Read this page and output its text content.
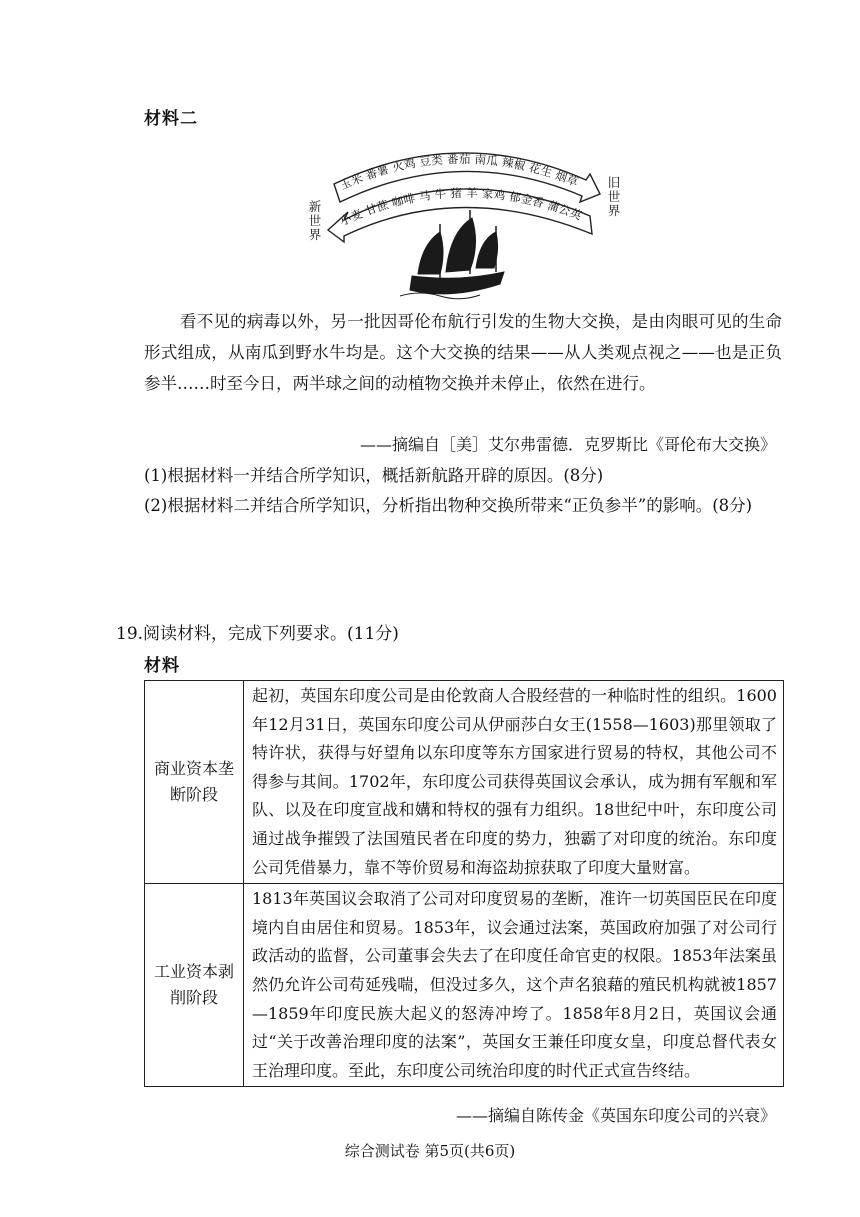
材料二
玉米 番薯 火鸡 豆类 番茄 南瓜 辣椒 花生 烟草
小麦 甘蔗 咖啡 马 牛 猪 羊 家鸡 郁金香 蒲公英
新世界
旧世界
看不见的病毒以外，另一批因哥伦布航行引发的生物大交换，是由肉眼可见的生命形式组成，从南瓜到野水牛均是。这个大交换的结果——从人类观点视之——也是正负参半……时至今日，两半球之间的动植物交换并未停止，依然在进行。
——摘编自［美］艾尔弗雷德．克罗斯比《哥伦布大交换》
(1)根据材料一并结合所学知识，概括新航路开辟的原因。(8分)
(2)根据材料二并结合所学知识，分析指出物种交换所带来“正负参半”的影响。(8分)
19.阅读材料，完成下列要求。(11分)
材料
商业资本垄断阶段	起初，英国东印度公司是由伦敦商人合股经营的一种临时性的组织。1600年12月31日，英国东印度公司从伊丽莎白女王(1558—1603)那里领取了特许状，获得与好望角以东印度等东方国家进行贸易的特权，其他公司不得参与其间。1702年，东印度公司获得英国议会承认，成为拥有军舰和军队、以及在印度宣战和媾和特权的强有力组织。18世纪中叶，东印度公司通过战争摧毁了法国殖民者在印度的势力，独霸了对印度的统治。东印度公司凭借暴力，靠不等价贸易和海盗劫掠获取了印度大量财富。
工业资本剥削阶段	1813年英国议会取消了公司对印度贸易的垄断，准许一切英国臣民在印度境内自由居住和贸易。1853年，议会通过法案，英国政府加强了对公司行政活动的监督，公司董事会失去了在印度任命官吏的权限。1853年法案虽然仍允许公司苟延残喘，但没过多久，这个声名狼藉的殖民机构就被1857—1859年印度民族大起义的怒涛冲垮了。1858年8月2日，英国议会通过“关于改善治理印度的法案”，英国女王兼任印度女皇，印度总督代表女王治理印度。至此，东印度公司统治印度的时代正式宣告终结。
——摘编自陈传金《英国东印度公司的兴衰》
综合测试卷 第5页(共6页)
